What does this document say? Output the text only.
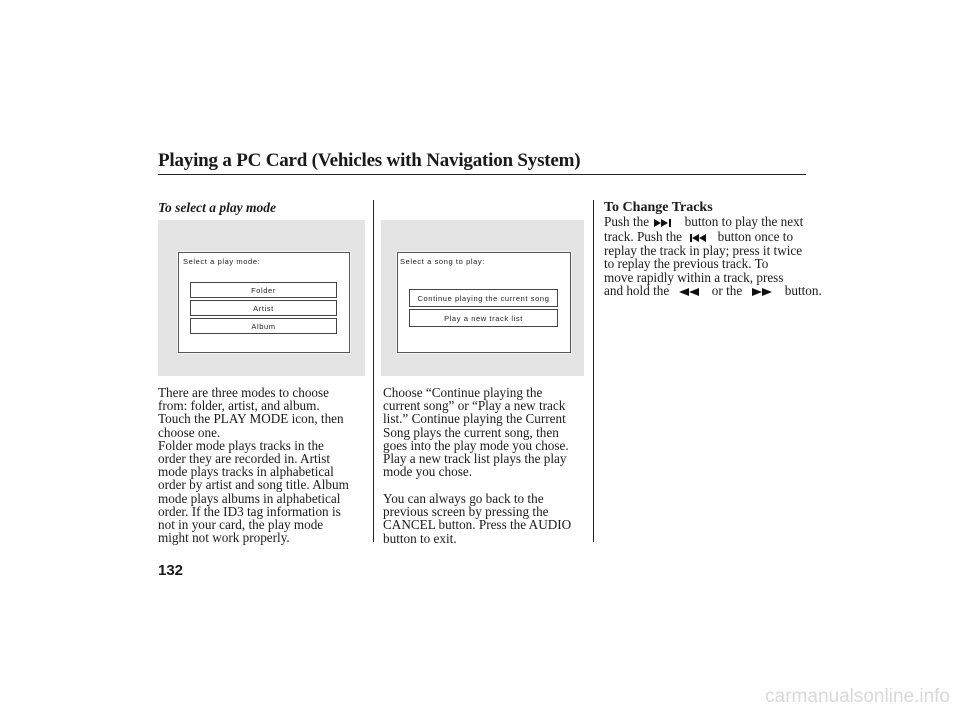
Playing a PC Card (Vehicles with Navigation System)
To select a play mode
Select a play mode:
Folder
Artist
Album
There are three modes to choose
from: folder, artist, and album.
Touch the PLAY MODE icon, then
choose one.
Folder mode plays tracks in the
order they are recorded in. Artist
mode plays tracks in alphabetical
order by artist and song title. Album
mode plays albums in alphabetical
order. If the ID3 tag information is
not in your card, the play mode
might not work properly.
Select a song to play:
Continue playing the current song
Play a new track list
Choose “Continue playing the
current song” or “Play a new track
list.” Continue playing the Current
Song plays the current song, then
goes into the play mode you chose.
Play a new track list plays the play
mode you chose.
You can always go back to the
previous screen by pressing the
CANCEL button. Press the AUDIO
button to exit.
To Change Tracks
Push the	button to play the next
track. Push the	button once to
replay the track in play; press it twice
to replay the previous track. To
move rapidly within a track, press
and hold the	or the	button.
132
carmanualsonline.info
